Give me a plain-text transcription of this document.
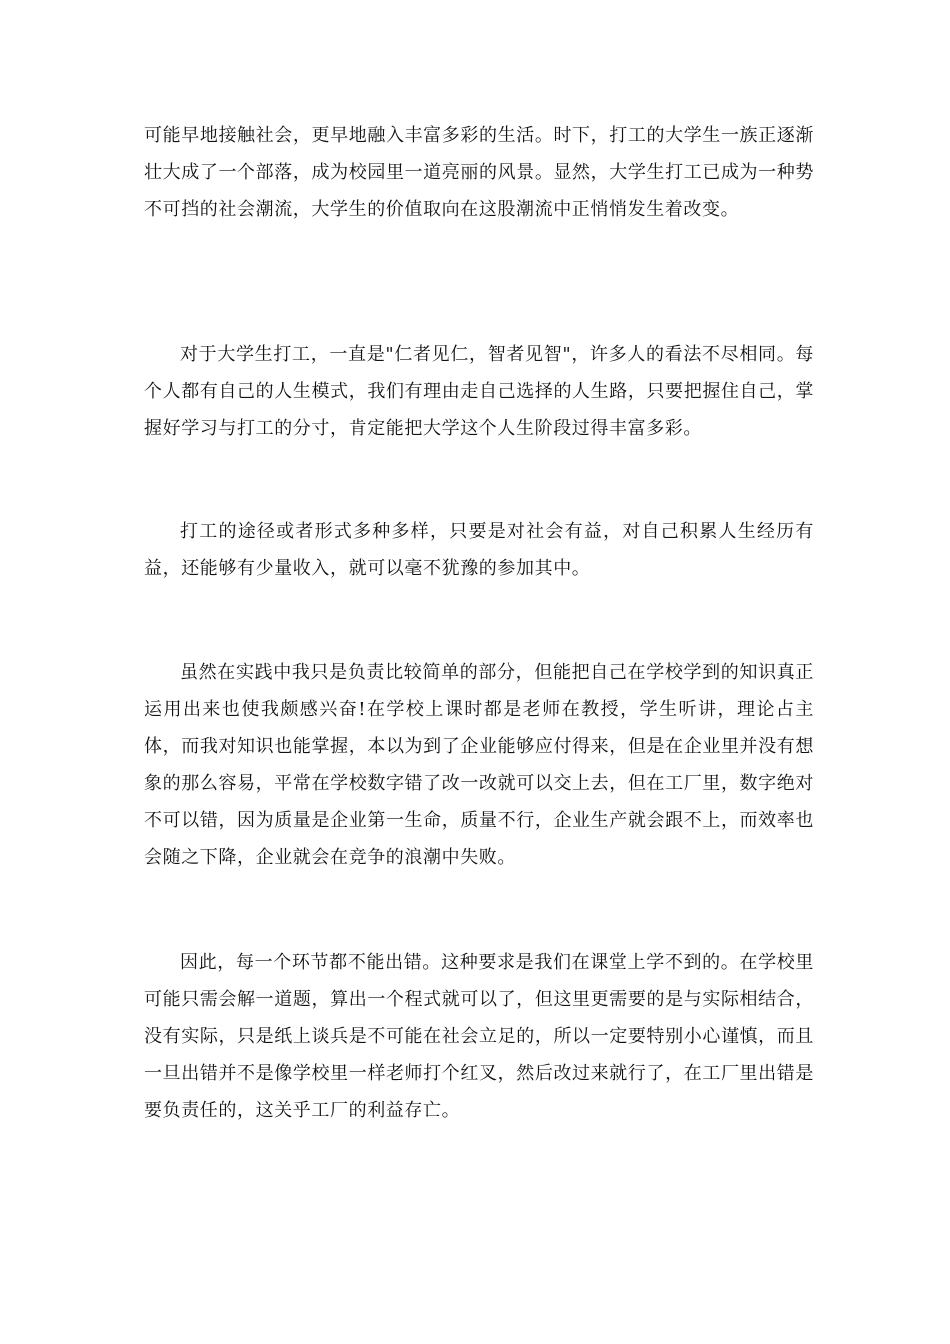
可能早地接触社会，更早地融入丰富多彩的生活。时下，打工的大学生一族正逐渐壮大成了一个部落，成为校园里一道亮丽的风景。显然，大学生打工已成为一种势不可挡的社会潮流，大学生的价值取向在这股潮流中正悄悄发生着改变。

对于大学生打工，一直是"仁者见仁，智者见智"，许多人的看法不尽相同。每个人都有自己的人生模式，我们有理由走自己选择的人生路，只要把握住自己，掌握好学习与打工的分寸，肯定能把大学这个人生阶段过得丰富多彩。

打工的途径或者形式多种多样，只要是对社会有益，对自己积累人生经历有益，还能够有少量收入，就可以毫不犹豫的参加其中。

虽然在实践中我只是负责比较简单的部分，但能把自己在学校学到的知识真正运用出来也使我颇感兴奋!在学校上课时都是老师在教授，学生听讲，理论占主体，而我对知识也能掌握，本以为到了企业能够应付得来，但是在企业里并没有想象的那么容易，平常在学校数字错了改一改就可以交上去，但在工厂里，数字绝对不可以错，因为质量是企业第一生命，质量不行，企业生产就会跟不上，而效率也会随之下降，企业就会在竞争的浪潮中失败。

因此，每一个环节都不能出错。这种要求是我们在课堂上学不到的。在学校里可能只需会解一道题，算出一个程式就可以了，但这里更需要的是与实际相结合，没有实际，只是纸上谈兵是不可能在社会立足的，所以一定要特别小心谨慎，而且一旦出错并不是像学校里一样老师打个红叉，然后改过来就行了，在工厂里出错是要负责任的，这关乎工厂的利益存亡。
